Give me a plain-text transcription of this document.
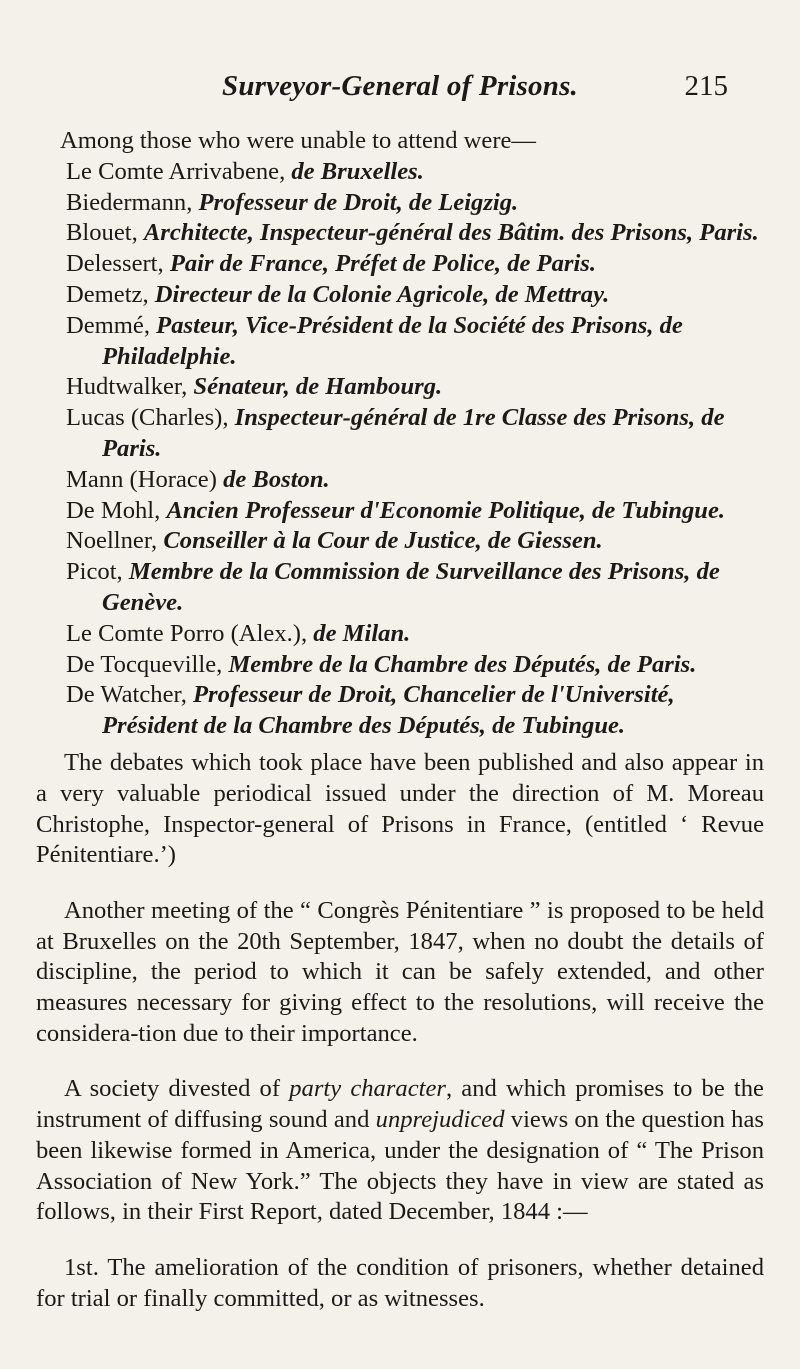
Surveyor-General of Prisons.	215
Among those who were unable to attend were—
Le Comte Arrivabene, de Bruxelles.
Biedermann, Professeur de Droit, de Leigzig.
Blouet, Architecte, Inspecteur-général des Bâtim. des Prisons, Paris.
Delessert, Pair de France, Préfet de Police, de Paris.
Demetz, Directeur de la Colonie Agricole, de Mettray.
Demmé, Pasteur, Vice-Président de la Société des Prisons, de Philadelphie.
Hudtwalker, Sénateur, de Hambourg.
Lucas (Charles), Inspecteur-général de 1re Classe des Prisons, de Paris.
Mann (Horace) de Boston.
De Mohl, Ancien Professeur d'Economie Politique, de Tubingue.
Noellner, Conseiller à la Cour de Justice, de Giessen.
Picot, Membre de la Commission de Surveillance des Prisons, de Genève.
Le Comte Porro (Alex.), de Milan.
De Tocqueville, Membre de la Chambre des Députés, de Paris.
De Watcher, Professeur de Droit, Chancelier de l'Université, Président de la Chambre des Députés, de Tubingue.

The debates which took place have been published and also appear in a very valuable periodical issued under the direction of M. Moreau Christophe, Inspector-general of Prisons in France, (entitled ‘ Revue Pénitentiare.’)

Another meeting of the “ Congrès Pénitentiare ” is proposed to be held at Bruxelles on the 20th September, 1847, when no doubt the details of discipline, the period to which it can be safely extended, and other measures necessary for giving effect to the resolutions, will receive the considera-tion due to their importance.

A society divested of party character, and which promises to be the instrument of diffusing sound and unprejudiced views on the question has been likewise formed in America, under the designation of “ The Prison Association of New York.” The objects they have in view are stated as follows, in their First Report, dated December, 1844 :—

1st. The amelioration of the condition of prisoners, whether detained for trial or finally committed, or as witnesses.
